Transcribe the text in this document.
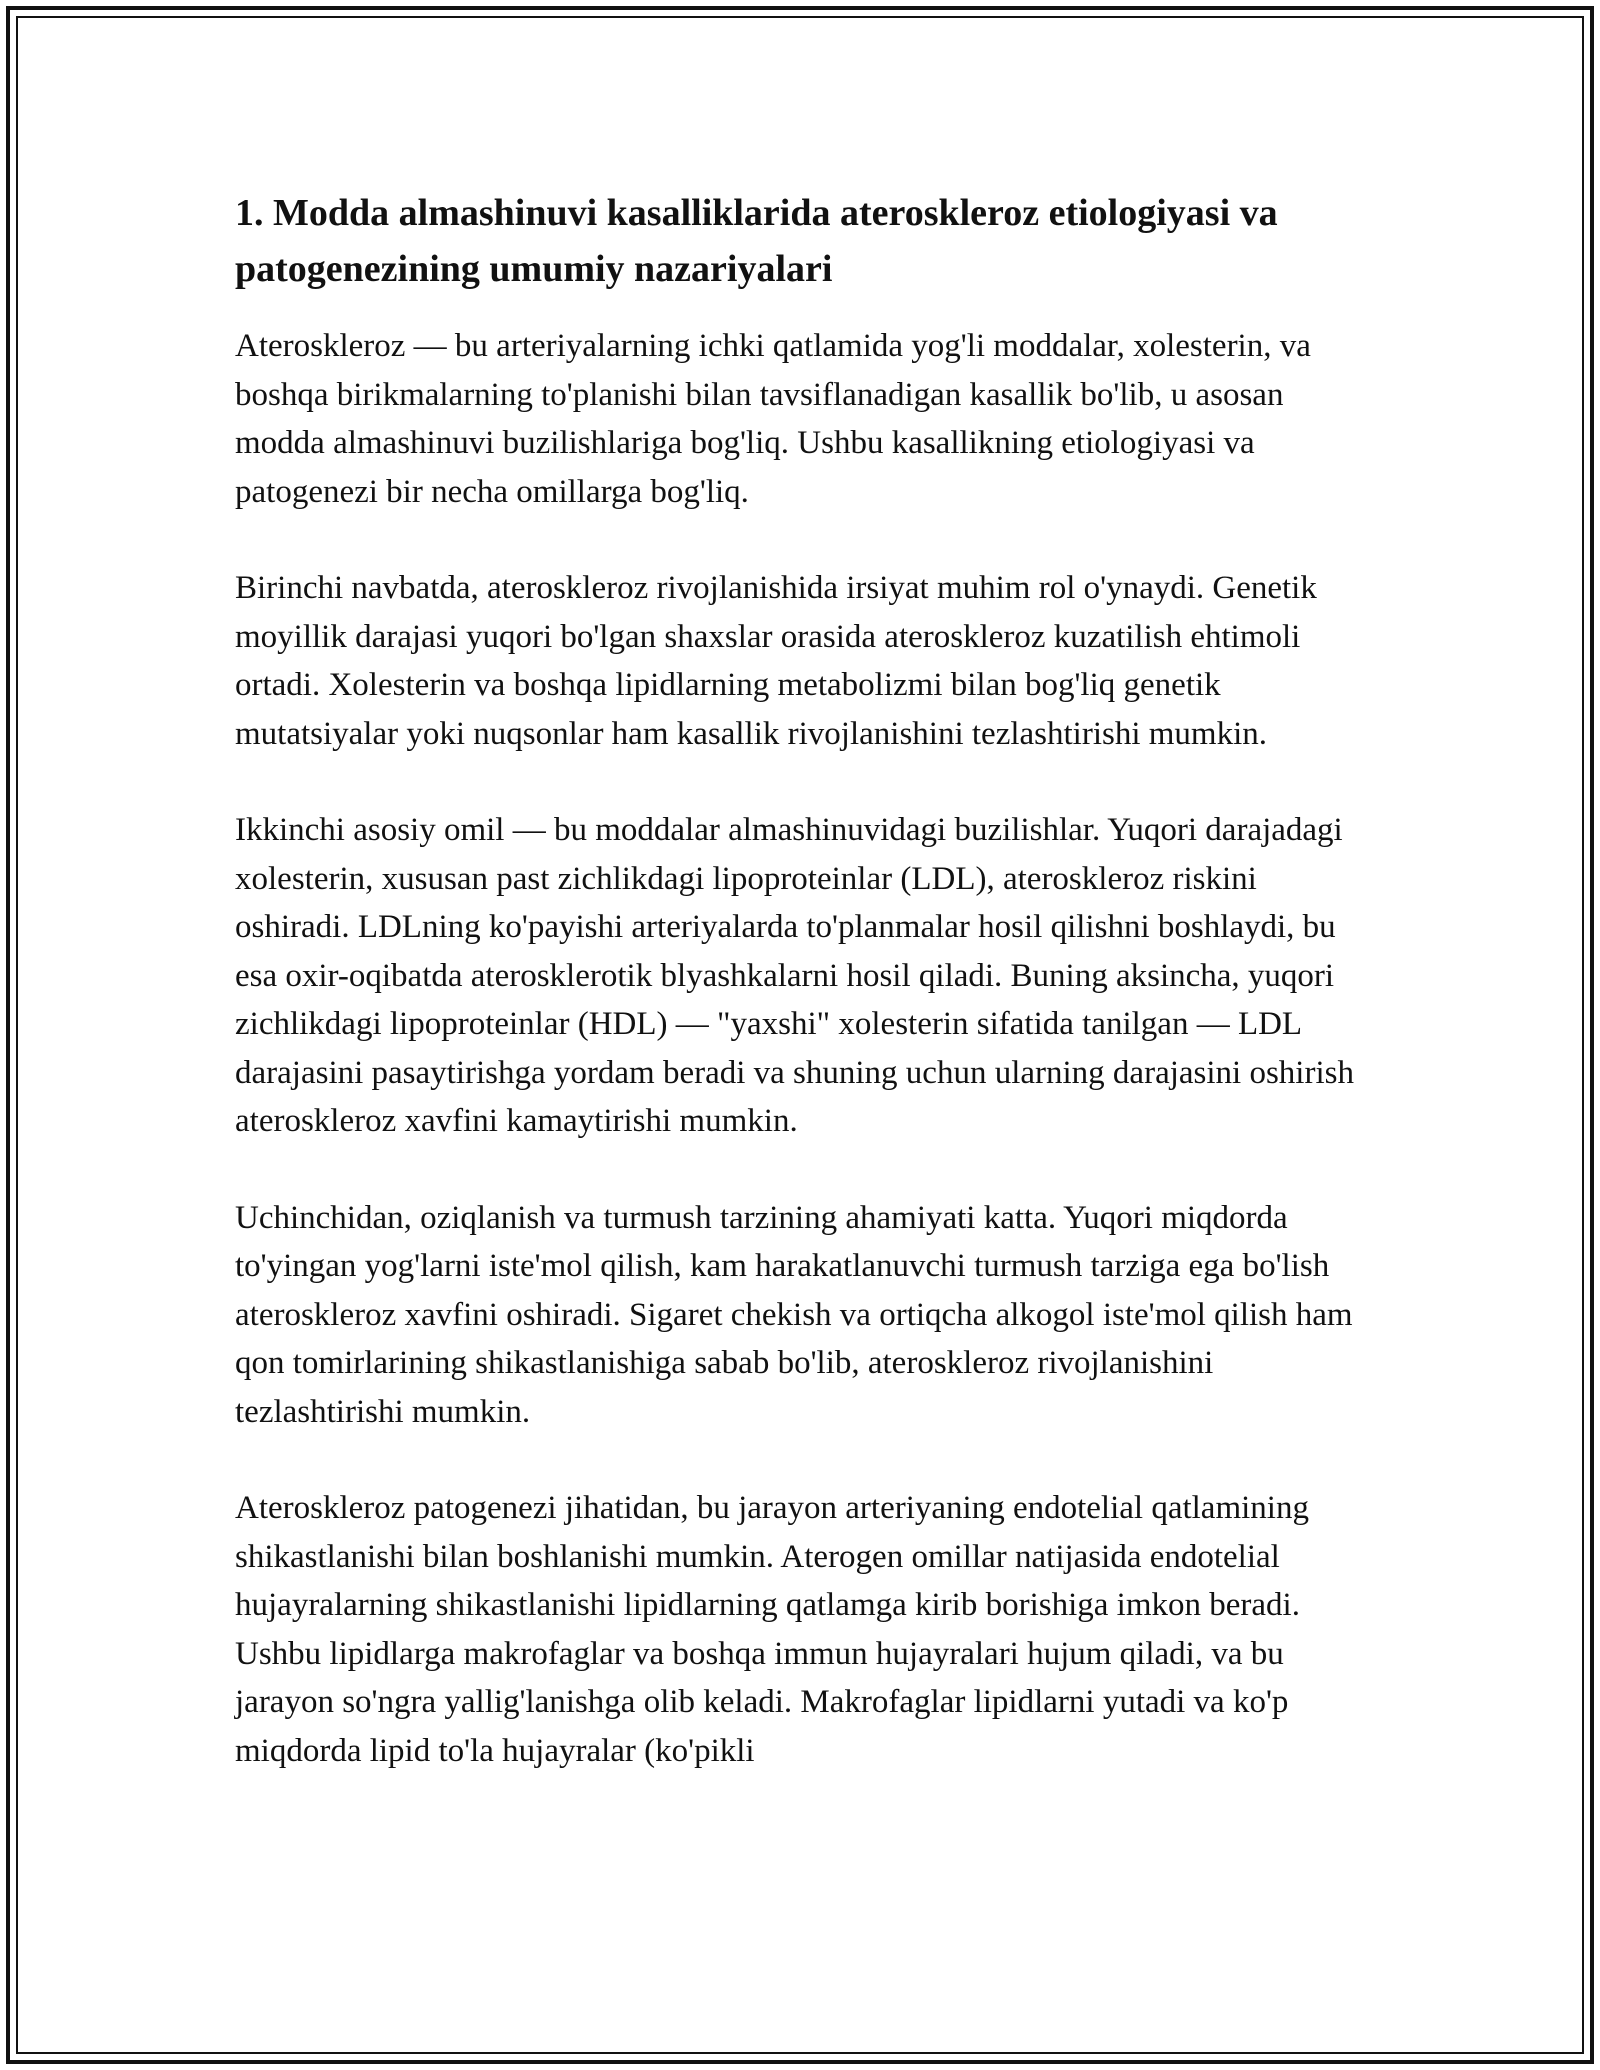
1. Modda almashinuvi kasalliklarida ateroskleroz etiologiyasi va patogenezining umumiy nazariyalari

Ateroskleroz — bu arteriyalarning ichki qatlamida yog'li moddalar, xolesterin, va boshqa birikmalarning to'planishi bilan tavsiflanadigan kasallik bo'lib, u asosan modda almashinuvi buzilishlariga bog'liq. Ushbu kasallikning etiologiyasi va patogenezi bir necha omillarga bog'liq.

Birinchi navbatda, ateroskleroz rivojlanishida irsiyat muhim rol o'ynaydi. Genetik moyillik darajasi yuqori bo'lgan shaxslar orasida ateroskleroz kuzatilish ehtimoli ortadi. Xolesterin va boshqa lipidlarning metabolizmi bilan bog'liq genetik mutatsiyalar yoki nuqsonlar ham kasallik rivojlanishini tezlashtirishi mumkin.

Ikkinchi asosiy omil — bu moddalar almashinuvidagi buzilishlar. Yuqori darajadagi xolesterin, xususan past zichlikdagi lipoproteinlar (LDL), ateroskleroz riskini oshiradi. LDLning ko'payishi arteriyalarda to'planmalar hosil qilishni boshlaydi, bu esa oxir-oqibatda aterosklerotik blyashkalarni hosil qiladi. Buning aksincha, yuqori zichlikdagi lipoproteinlar (HDL) — "yaxshi" xolesterin sifatida tanilgan — LDL darajasini pasaytirishga yordam beradi va shuning uchun ularning darajasini oshirish ateroskleroz xavfini kamaytirishi mumkin.

Uchinchidan, oziqlanish va turmush tarzining ahamiyati katta. Yuqori miqdorda to'yingan yog'larni iste'mol qilish, kam harakatlanuvchi turmush tarziga ega bo'lish ateroskleroz xavfini oshiradi. Sigaret chekish va ortiqcha alkogol iste'mol qilish ham qon tomirlarining shikastlanishiga sabab bo'lib, ateroskleroz rivojlanishini tezlashtirishi mumkin.

Ateroskleroz patogenezi jihatidan, bu jarayon arteriyaning endotelial qatlamining shikastlanishi bilan boshlanishi mumkin. Aterogen omillar natijasida endotelial hujayralarning shikastlanishi lipidlarning qatlamga kirib borishiga imkon beradi. Ushbu lipidlarga makrofaglar va boshqa immun hujayralari hujum qiladi, va bu jarayon so'ngra yallig'lanishga olib keladi. Makrofaglar lipidlarni yutadi va ko'p miqdorda lipid to'la hujayralar (ko'pikli
